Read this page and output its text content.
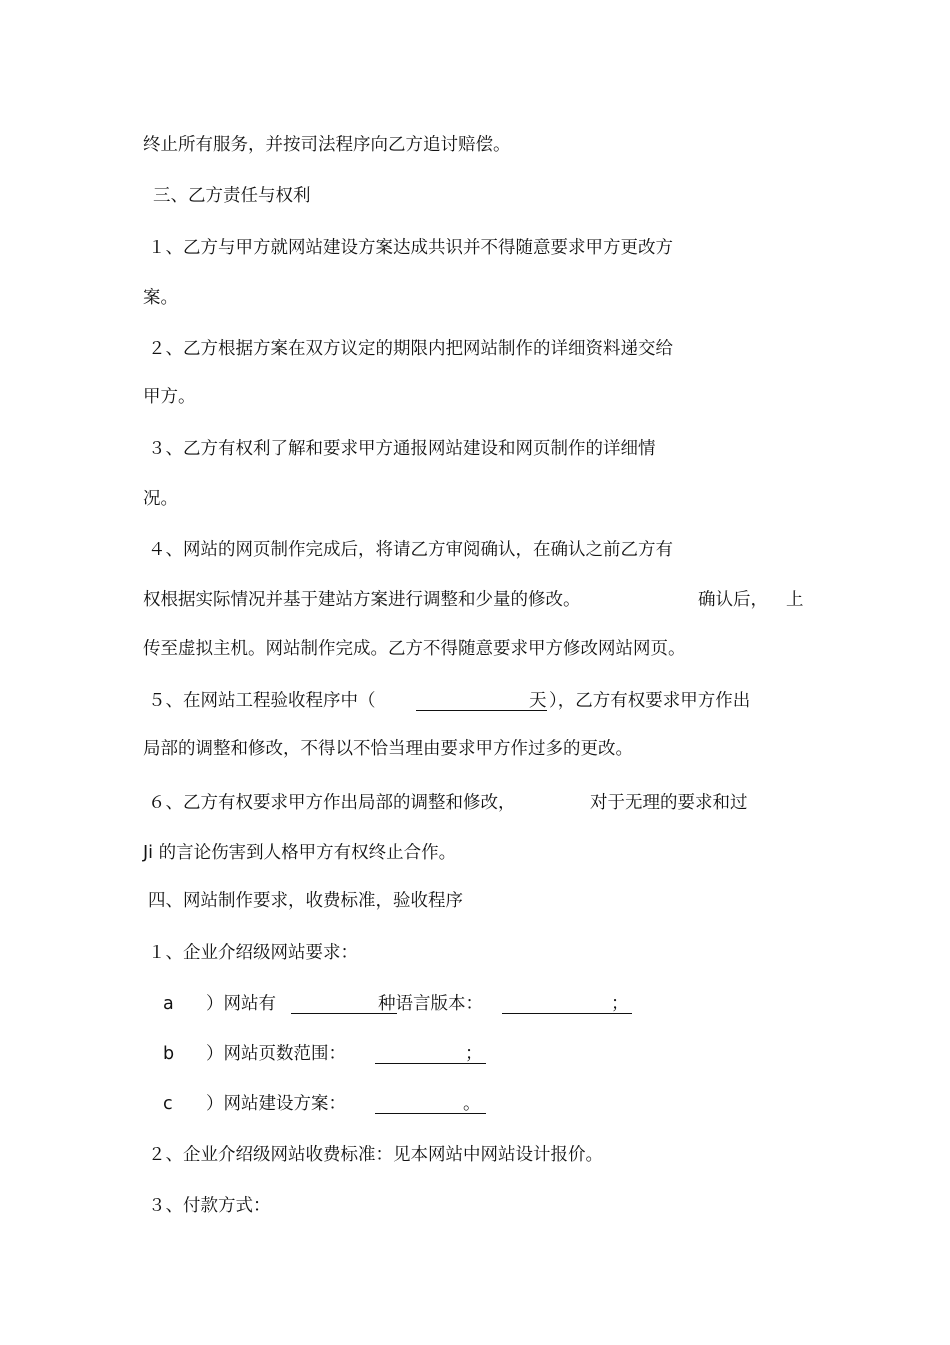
终止所有服务，并按司法程序向乙方追讨赔偿。
三、乙方责任与权利
１、乙方与甲方就网站建设方案达成共识并不得随意要求甲方更改方
案。
２、乙方根据方案在双方议定的期限内把网站制作的详细资料递交给
甲方。
３、乙方有权利了解和要求甲方通报网站建设和网页制作的详细情
况。
４、网站的网页制作完成后，将请乙方审阅确认，在确认之前乙方有
权根据实际情况并基于建站方案进行调整和少量的修改。	确认后， 上
传至虚拟主机。网站制作完成。乙方不得随意要求甲方修改网站网页。
５、在网站工程验收程序中（	天 ），乙方有权要求甲方作出
局部的调整和修改，不得以不恰当理由要求甲方作过多的更改。
６、乙方有权要求甲方作出局部的调整和修改，	对于无理的要求和过
Ji 的言论伤害到人格甲方有权终止合作。
四、网站制作要求，收费标准，验收程序
１、企业介绍级网站要求：
a ）网站有	种语言版本：	；
b ）网站页数范围：	；
c ）网站建设方案：	。
２、企业介绍级网站收费标准：见本网站中网站设计报价。
３、付款方式：
